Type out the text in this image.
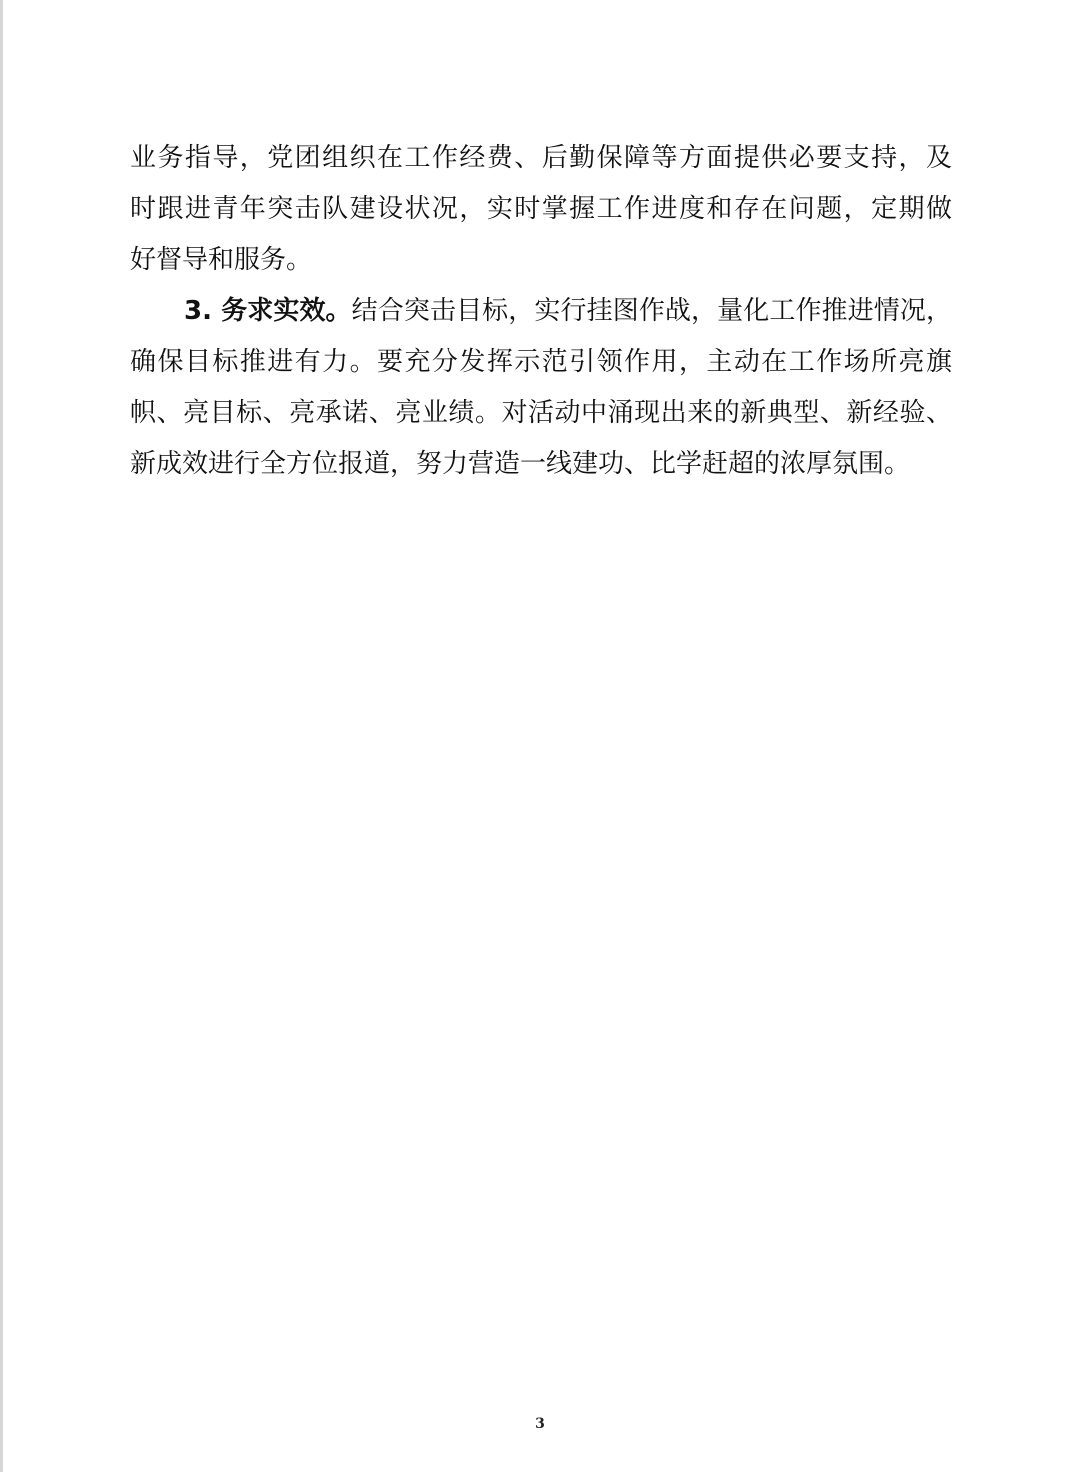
业务指导，党团组织在工作经费、后勤保障等方面提供必要支持，及
时跟进青年突击队建设状况，实时掌握工作进度和存在问题，定期做
好督导和服务。
3. 务求实效。结合突击目标，实行挂图作战，量化工作推进情况，
确保目标推进有力。要充分发挥示范引领作用，主动在工作场所亮旗
帜、亮目标、亮承诺、亮业绩。对活动中涌现出来的新典型、新经验、
新成效进行全方位报道，努力营造一线建功、比学赶超的浓厚氛围。
3
